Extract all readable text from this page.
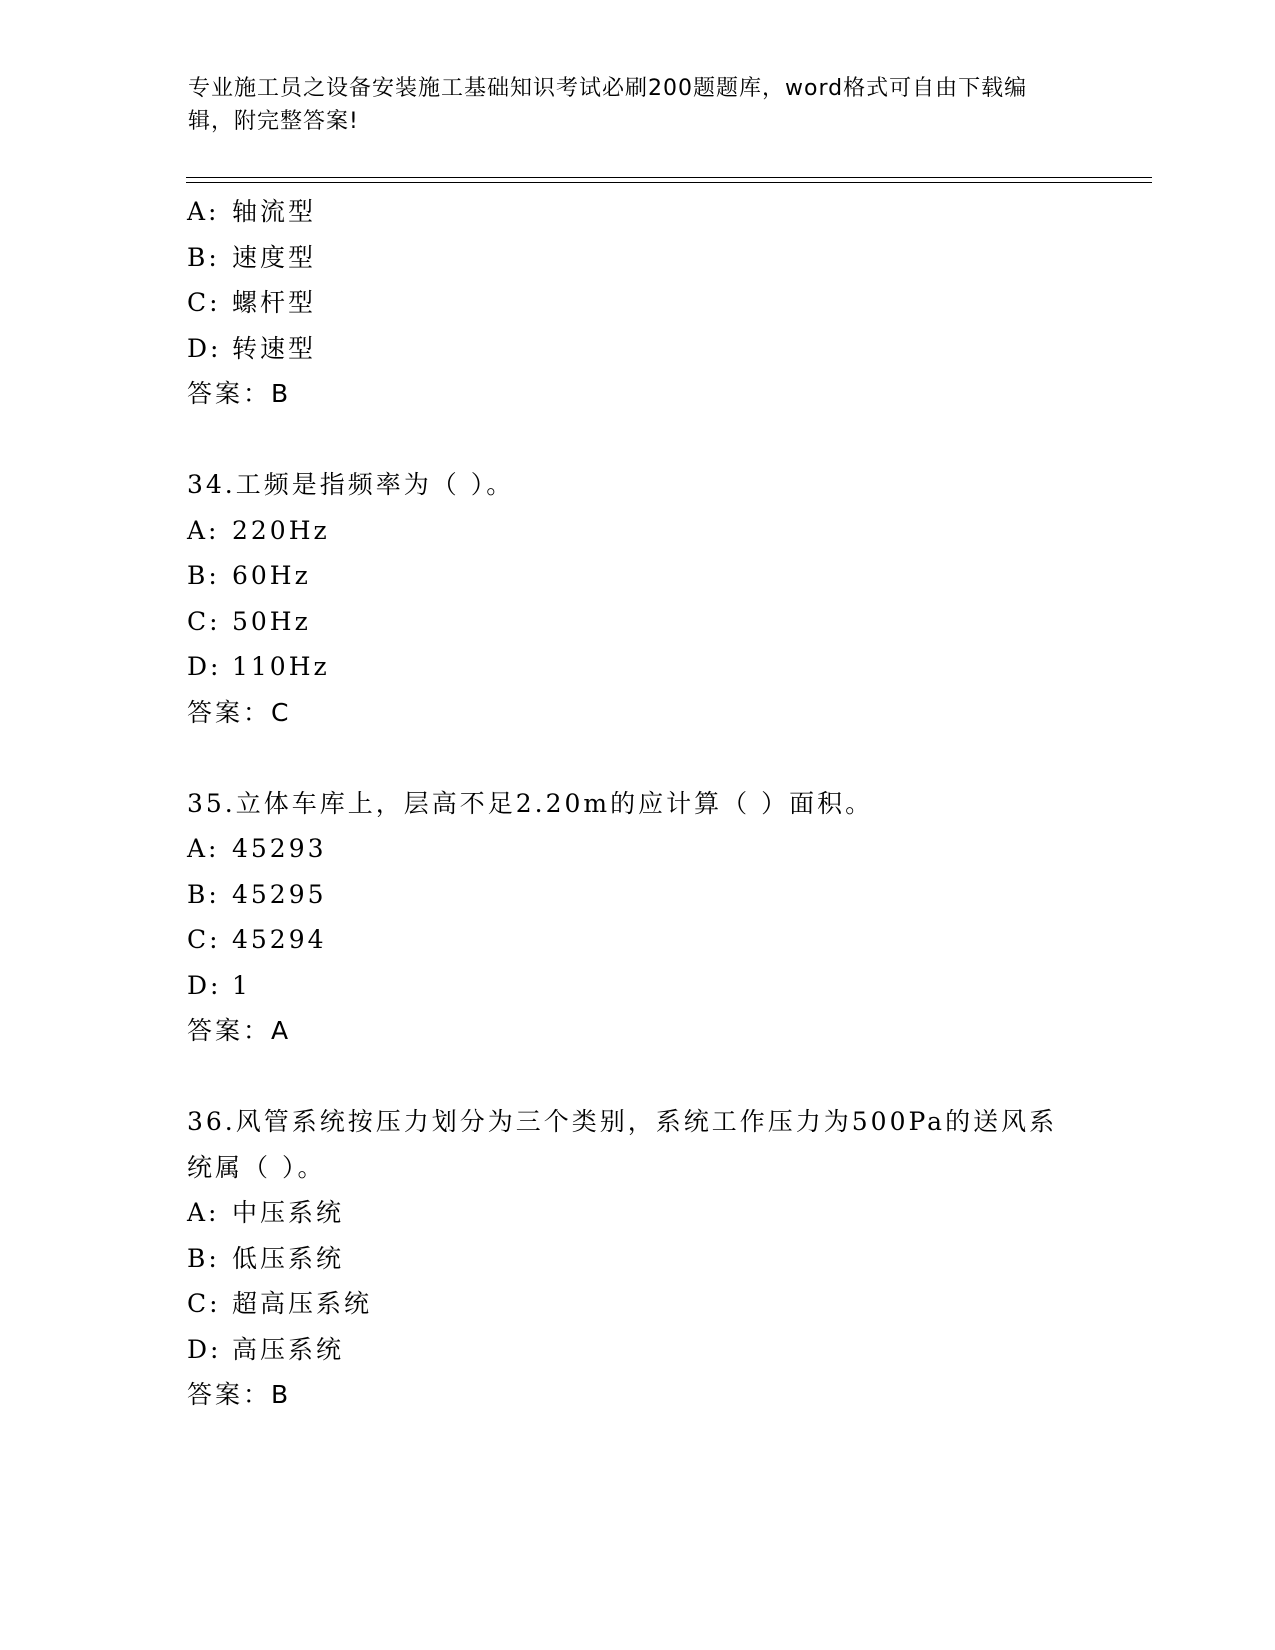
专业施工员之设备安装施工基础知识考试必刷200题题库，word格式可自由下载编辑，附完整答案!
A: 轴流型
B: 速度型
C: 螺杆型
D: 转速型
答案：B
34.工频是指频率为（ ）。
A: 220Hz
B: 60Hz
C: 50Hz
D: 110Hz
答案：C
35.立体车库上，层高不足2.20m的应计算（ ）面积。
A: 45293
B: 45295
C: 45294
D: 1
答案：A
36.风管系统按压力划分为三个类别，系统工作压力为500Pa的送风系统属（ ）。
A: 中压系统
B: 低压系统
C: 超高压系统
D: 高压系统
答案：B
